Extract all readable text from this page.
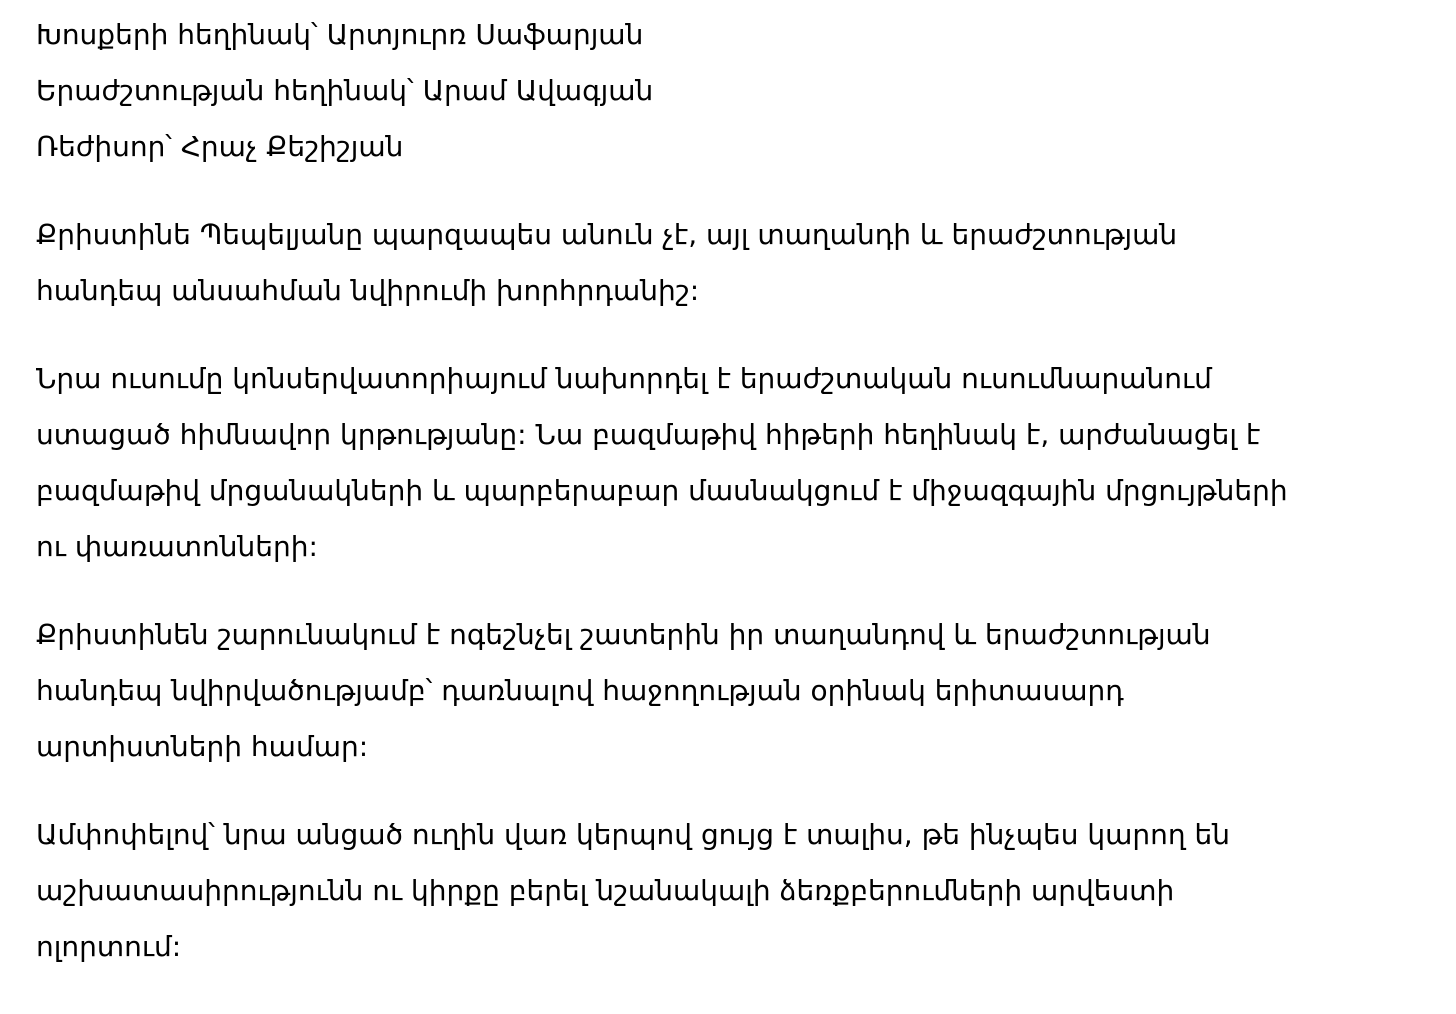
Խոսքերի հեղինակ՝ Արտյուրռ Սաֆարյան
Երաժշտության հեղինակ՝ Արամ Ավագյան
Ռեժիսոր՝ Հրաչ Քեշիշյան
Քրիստինե Պեպելյանը պարզապես անուն չէ, այլ տաղանդի և երաժշտության
հանդեպ անսահման նվիրումի խորհրդանիշ:
Նրա ուսումը կոնսերվատորիայում նախորդել է երաժշտական ուսումնարանում
ստացած հիմնավոր կրթությանը: Նա բազմաթիվ հիթերի հեղինակ է, արժանացել է
բազմաթիվ մրցանակների և պարբերաբար մասնակցում է միջազգային մրցույթների
ու փառատոնների:
Քրիստինեն շարունակում է ոգեշնչել շատերին իր տաղանդով և երաժշտության
հանդեպ նվիրվածությամբ՝ դառնալով հաջողության օրինակ երիտասարդ
արտիստների համար:
Ամփոփելով՝ նրա անցած ուղին վառ կերպով ցույց է տալիս, թե ինչպես կարող են
աշխատասիրությունն ու կիրքը բերել նշանակալի ձեռքբերումների արվեստի
ոլորտում:
